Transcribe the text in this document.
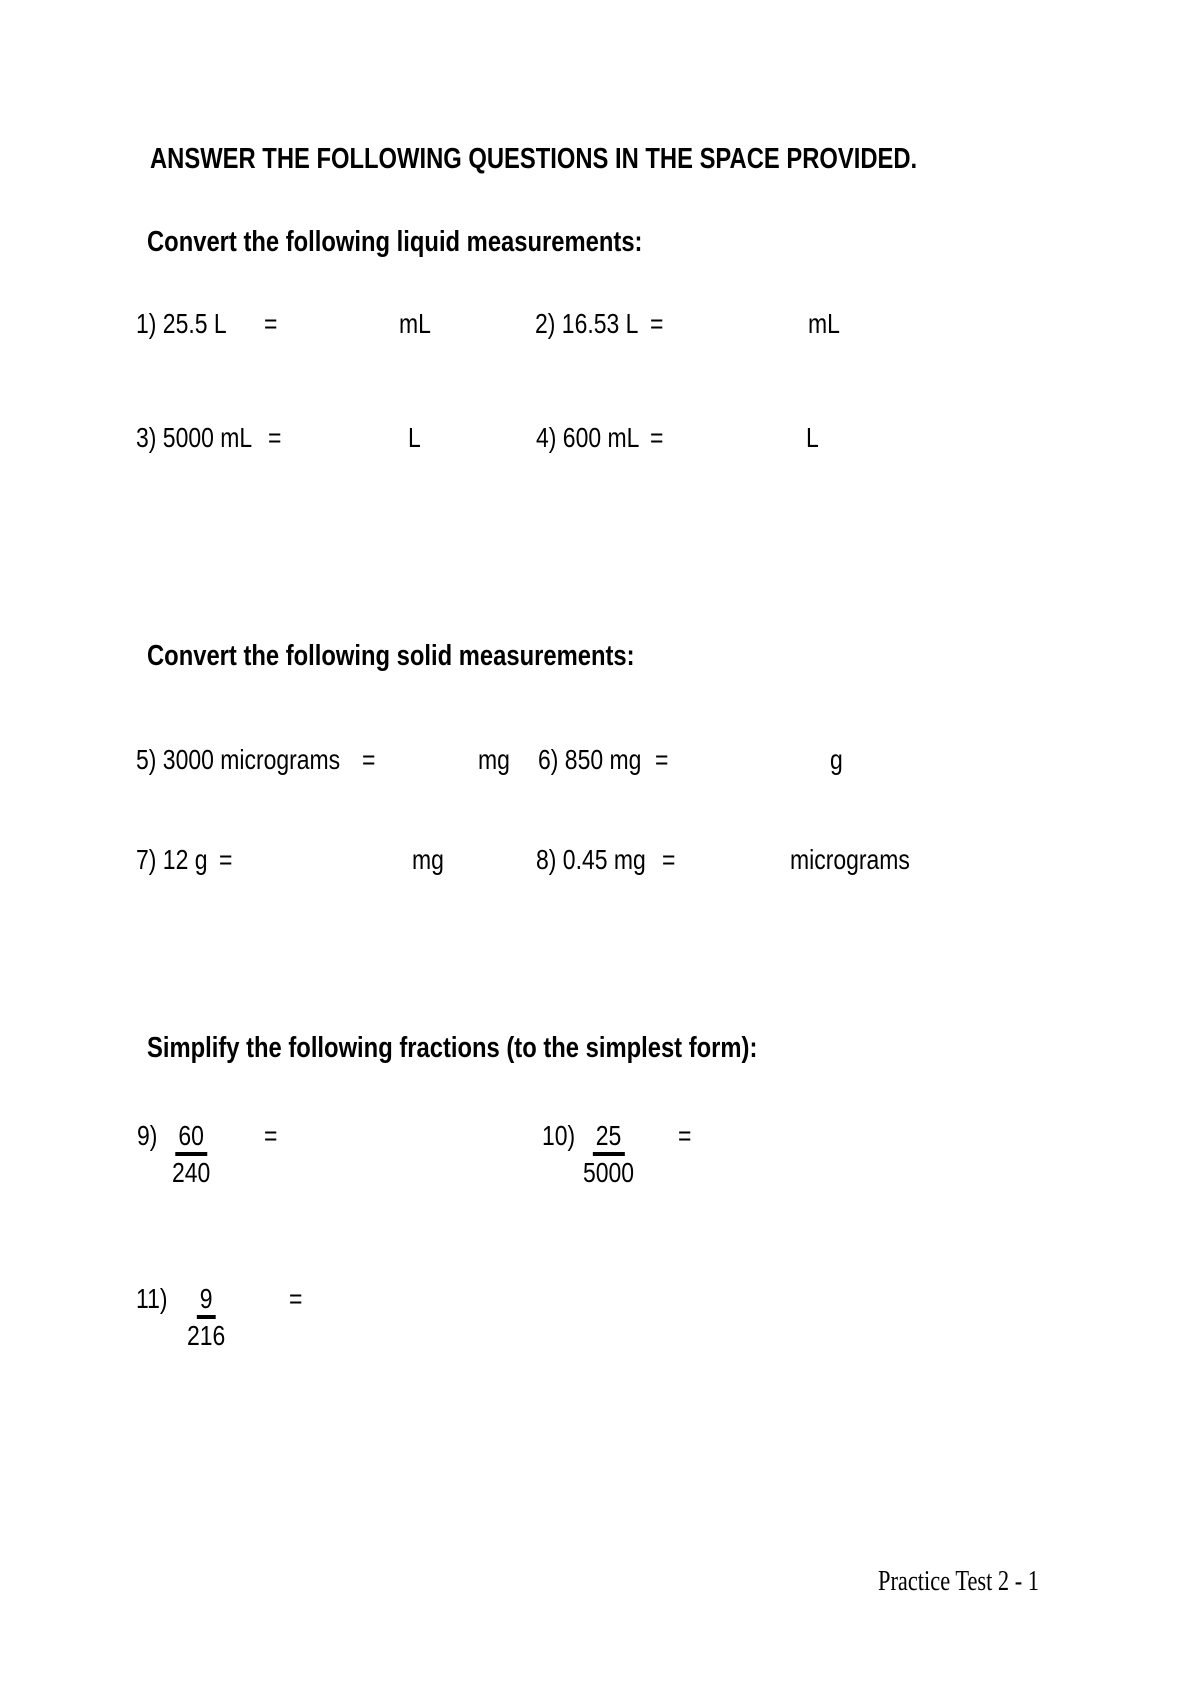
ANSWER THE FOLLOWING QUESTIONS IN THE SPACE PROVIDED.
Convert the following liquid measurements:
1) 25.5 L =	mL	2) 16.53 L =	mL
3) 5000 mL =	L	4) 600 mL =	L
Convert the following solid measurements:
5) 3000 micrograms =	mg 6) 850 mg =	g
7) 12 g =	mg	8) 0.45 mg =	micrograms
Simplify the following fractions (to the simplest form):
$9) \frac{60}{240}$ =	$10) \frac{25}{5000}$ =
$11) \frac{9}{216}$ =
Practice Test 2 - 1
